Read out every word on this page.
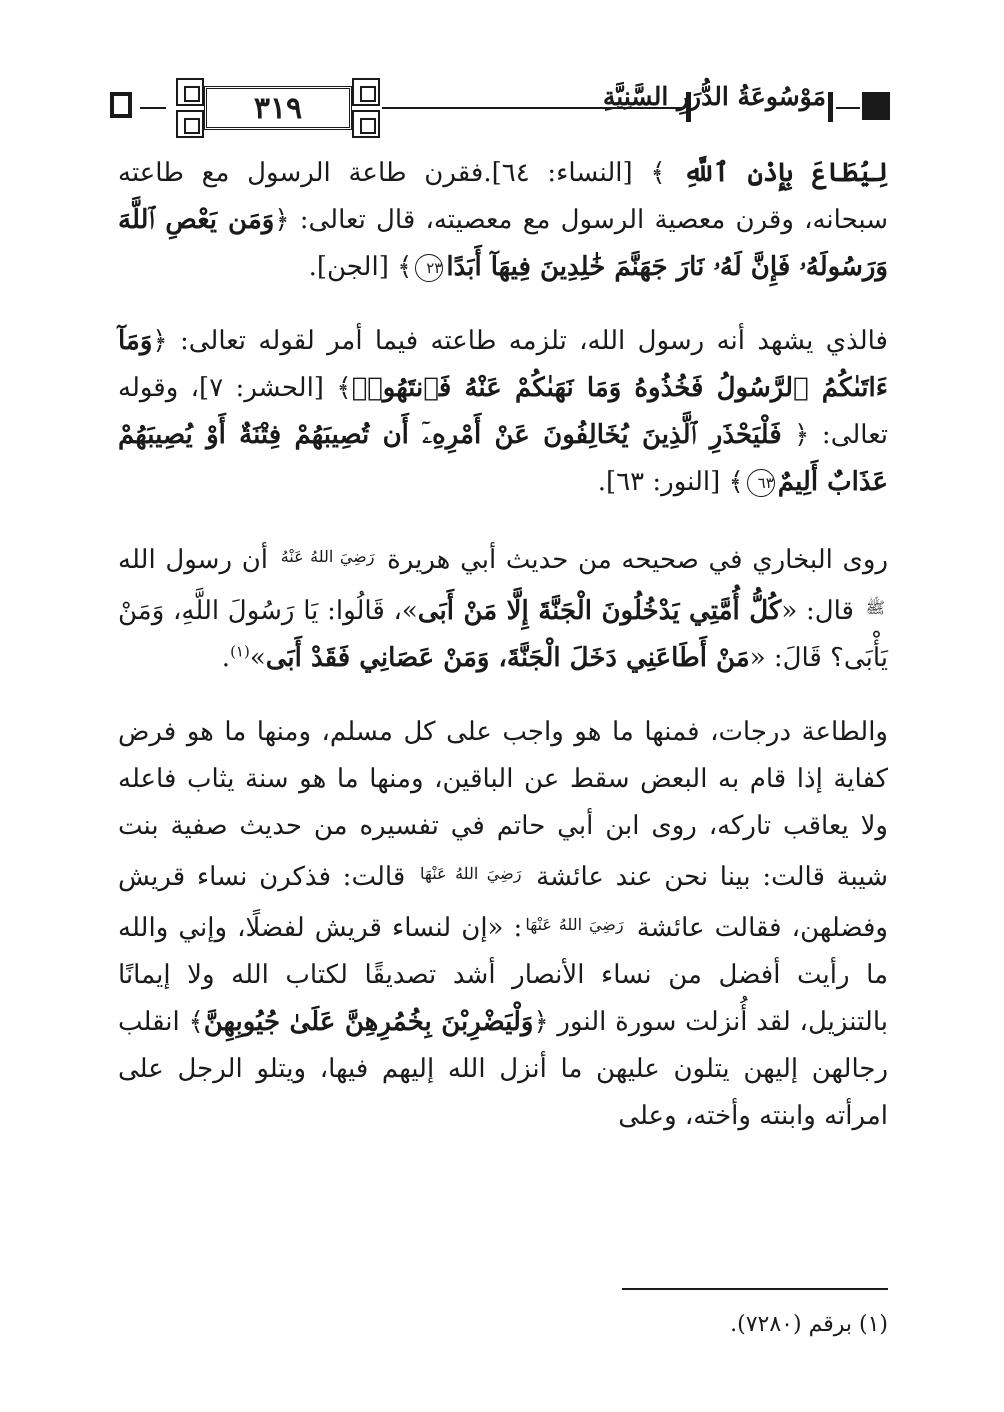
٣١٩	مَوْسُوعَةُ الدُّرَرِ السَّنِيَّةِ

لِيُطَاعَ بِإِذْنِ ٱللَّهِ ﴾ [النساء: ٦٤].فقرن طاعة الرسول مع طاعته سبحانه، وقرن معصية الرسول مع معصيته، قال تعالى: ﴿وَمَن يَعْصِ ٱللَّهَ وَرَسُولَهُۥ فَإِنَّ لَهُۥ نَارَ جَهَنَّمَ خَٰلِدِينَ فِيهَآ أَبَدًا٢٣﴾ [الجن].

فالذي يشهد أنه رسول الله، تلزمه طاعته فيما أمر لقوله تعالى: ﴿وَمَآ ءَاتَىٰكُمُ ٱلرَّسُولُ فَخُذُوهُ وَمَا نَهَىٰكُمْ عَنْهُ فَٱنتَهُوا۟﴾ [الحشر: ٧]، وقوله تعالى: ﴿ فَلْيَحْذَرِ ٱلَّذِينَ يُخَالِفُونَ عَنْ أَمْرِهِۦٓ أَن تُصِيبَهُمْ فِتْنَةٌ أَوْ يُصِيبَهُمْ عَذَابٌ أَلِيمٌ٦٣﴾ [النور: ٦٣].

روى البخاري في صحيحه من حديث أبي هريرة $^{رَضِيَ اللهُ عَنْهُ}$ أن رسول الله $^ﷺ$ قال: «كُلُّ أُمَّتِي يَدْخُلُونَ الْجَنَّةَ إِلَّا مَنْ أَبَى»، قَالُوا: يَا رَسُولَ اللَّهِ، وَمَنْ يَأْبَى؟ قَالَ: «مَنْ أَطَاعَنِي دَخَلَ الْجَنَّةَ، وَمَنْ عَصَانِي فَقَدْ أَبَى»$^{(١)}$.

والطاعة درجات، فمنها ما هو واجب على كل مسلم، ومنها ما هو فرض كفاية إذا قام به البعض سقط عن الباقين، ومنها ما هو سنة يثاب فاعله ولا يعاقب تاركه، روى ابن أبي حاتم في تفسيره من حديث صفية بنت شيبة قالت: بينا نحن عند عائشة $^{رَضِيَ اللهُ عَنْهَا}$ قالت: فذكرن نساء قريش وفضلهن، فقالت عائشة $^{رَضِيَ اللهُ عَنْهَا}$: «إن لنساء قريش لفضلًا، وإني والله ما رأيت أفضل من نساء الأنصار أشد تصديقًا لكتاب الله ولا إيمانًا بالتنزيل، لقد أُنزلت سورة النور ﴿وَلْيَضْرِبْنَ بِخُمُرِهِنَّ عَلَىٰ جُيُوبِهِنَّ﴾ انقلب رجالهن إليهن يتلون عليهن ما أنزل الله إليهم فيها، ويتلو الرجل على امرأته وابنته وأخته، وعلى

(١) برقم (٧٢٨٠).
